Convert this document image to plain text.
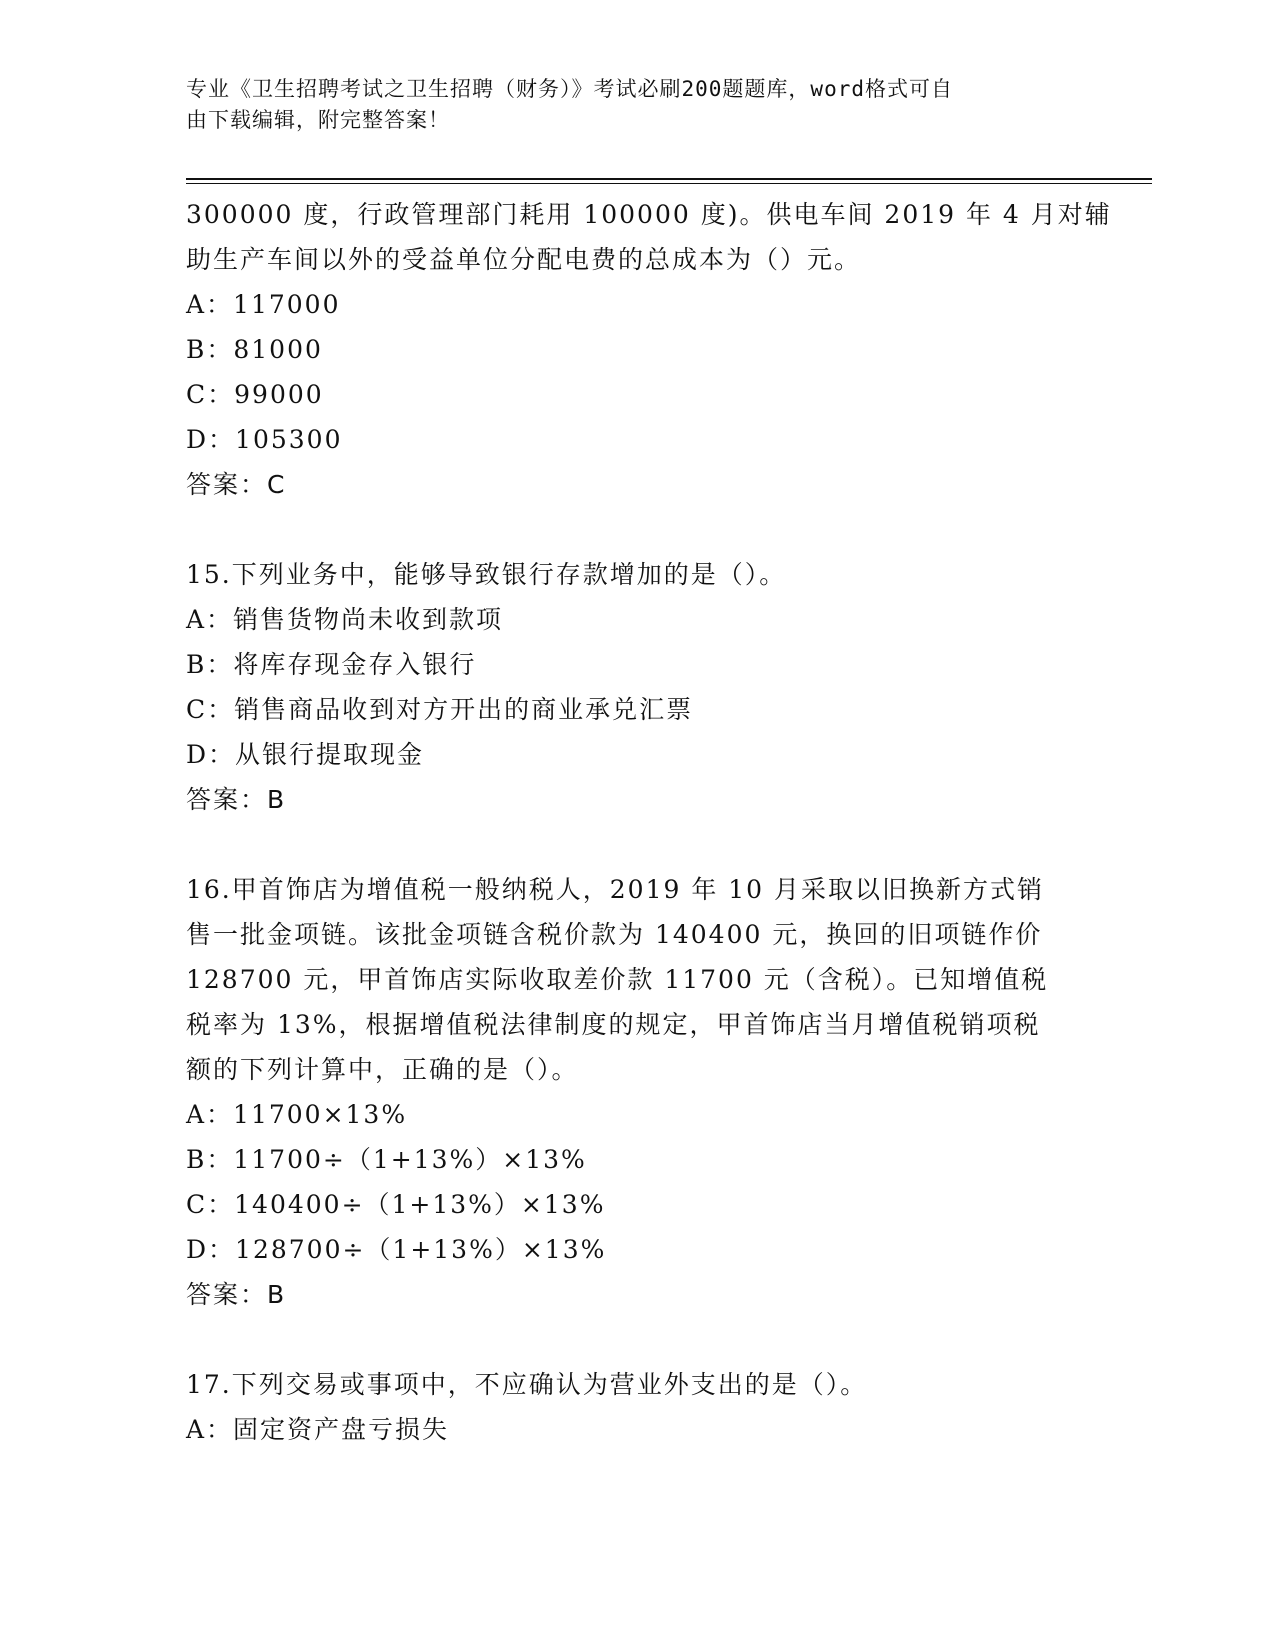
专业《卫生招聘考试之卫生招聘（财务）》考试必刷200题题库，word格式可自
由下载编辑，附完整答案！
300000 度，行政管理部门耗用 100000 度)。供电车间 2019 年 4 月对辅
助生产车间以外的受益单位分配电费的总成本为（）元。
A：117000
B：81000
C：99000
D：105300
答案：C
15.下列业务中，能够导致银行存款增加的是（）。
A：销售货物尚未收到款项
B：将库存现金存入银行
C：销售商品收到对方开出的商业承兑汇票
D：从银行提取现金
答案：B
16.甲首饰店为增值税一般纳税人，2019 年 10 月采取以旧换新方式销
售一批金项链。该批金项链含税价款为 140400 元，换回的旧项链作价
128700 元，甲首饰店实际收取差价款 11700 元（含税）。已知增值税
税率为 13%，根据增值税法律制度的规定，甲首饰店当月增值税销项税
额的下列计算中，正确的是（）。
A：11700×13%
B：11700÷（1+13%）×13%
C：140400÷（1+13%）×13%
D：128700÷（1+13%）×13%
答案：B
17.下列交易或事项中，不应确认为营业外支出的是（）。
A：固定资产盘亏损失
